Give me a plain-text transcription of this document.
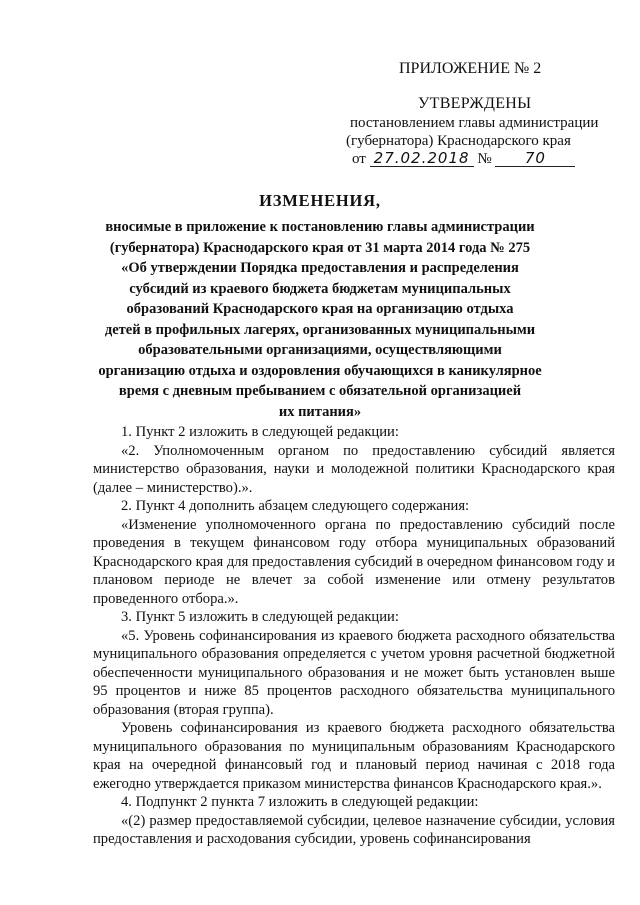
ПРИЛОЖЕНИЕ № 2
УТВЕРЖДЕНЫ
постановлением главы администрации
(губернатора) Краснодарского края
от 27.02.2018 № 70
ИЗМЕНЕНИЯ,
вносимые в приложение к постановлению главы администрации
(губернатора) Краснодарского края от 31 марта 2014 года № 275
«Об утверждении Порядка предоставления и распределения
субсидий из краевого бюджета бюджетам муниципальных
образований Краснодарского края на организацию отдыха
детей в профильных лагерях, организованных муниципальными
образовательными организациями, осуществляющими
организацию отдыха и оздоровления обучающихся в каникулярное
время с дневным пребыванием с обязательной организацией
их питания»

1. Пункт 2 изложить в следующей редакции:

«2. Уполномоченным органом по предоставлению субсидий является министерство образования, науки и молодежной политики Краснодарского края (далее – министерство).».

2. Пункт 4 дополнить абзацем следующего содержания:

«Изменение уполномоченного органа по предоставлению субсидий после проведения в текущем финансовом году отбора муниципальных образований Краснодарского края для предоставления субсидий в очередном финансовом году и плановом периоде не влечет за собой изменение или отмену результатов проведенного отбора.».

3. Пункт 5 изложить в следующей редакции:

«5. Уровень софинансирования из краевого бюджета расходного обязательства муниципального образования определяется с учетом уровня расчетной бюджетной обеспеченности муниципального образования и не может быть установлен выше 95 процентов и ниже 85 процентов расходного обязательства муниципального образования (вторая группа).

Уровень софинансирования из краевого бюджета расходного обязательства муниципального образования по муниципальным образованиям Краснодарского края на очередной финансовый год и плановый период начиная с 2018 года ежегодно утверждается приказом министерства финансов Краснодарского края.».

4. Подпункт 2 пункта 7 изложить в следующей редакции:

«(2) размер предоставляемой субсидии, целевое назначение субсидии, условия предоставления и расходования субсидии, уровень софинансирования
